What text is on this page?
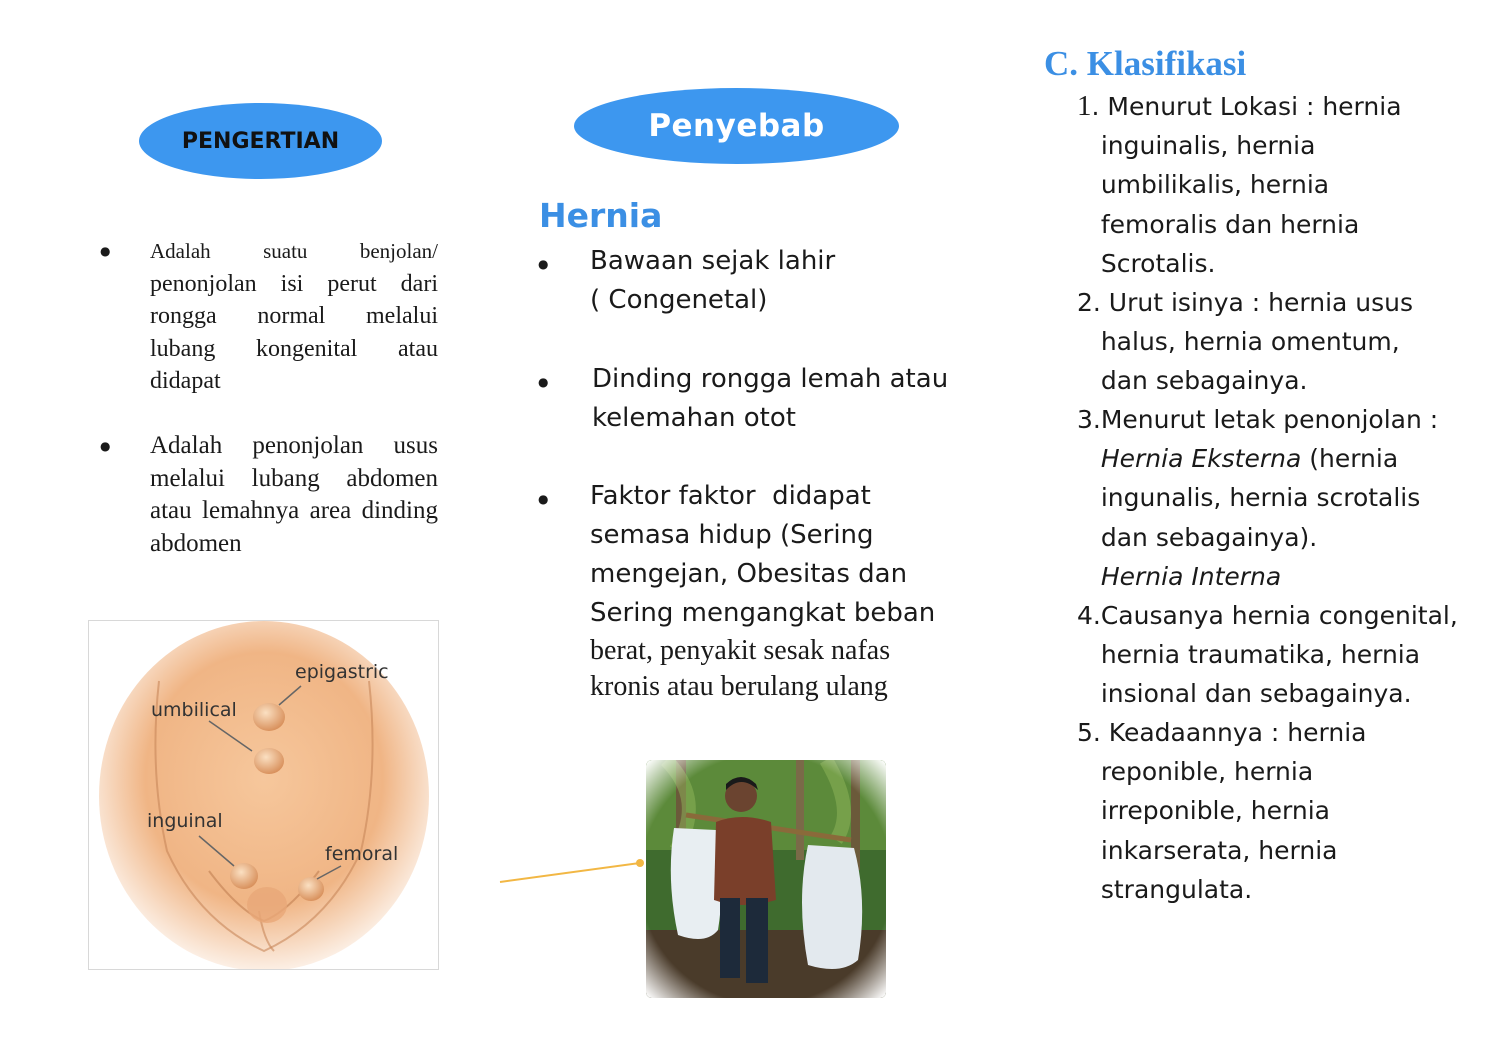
PENGERTIAN
● Adalah suatu benjolan/ penonjolan isi perut dari rongga normal melalui lubang kongenital atau didapat
● Adalah penonjolan usus melalui lubang abdomen atau lemahnya area dinding abdomen
epigastric
umbilical
inguinal
femoral
Penyebab
Hernia
● Bawaan sejak lahir
( Congenetal)
● Dinding rongga lemah atau
kelemahan otot
● Faktor faktor  didapat
semasa hidup (Sering
mengejan, Obesitas dan
Sering mengangkat beban
berat, penyakit sesak nafas
kronis atau berulang ulang
C. Klasifikasi
1. Menurut Lokasi : hernia
inguinalis, hernia
umbilikalis, hernia
femoralis dan hernia
Scrotalis.
2. Urut isinya : hernia usus
halus, hernia omentum,
dan sebagainya.
3.Menurut letak penonjolan :
Hernia Eksterna (hernia
ingunalis, hernia scrotalis
dan sebagainya).
Hernia Interna
4.Causanya hernia congenital,
hernia traumatika, hernia
insional dan sebagainya.
5. Keadaannya : hernia
reponible, hernia
irreponible, hernia
inkarserata, hernia
strangulata.
